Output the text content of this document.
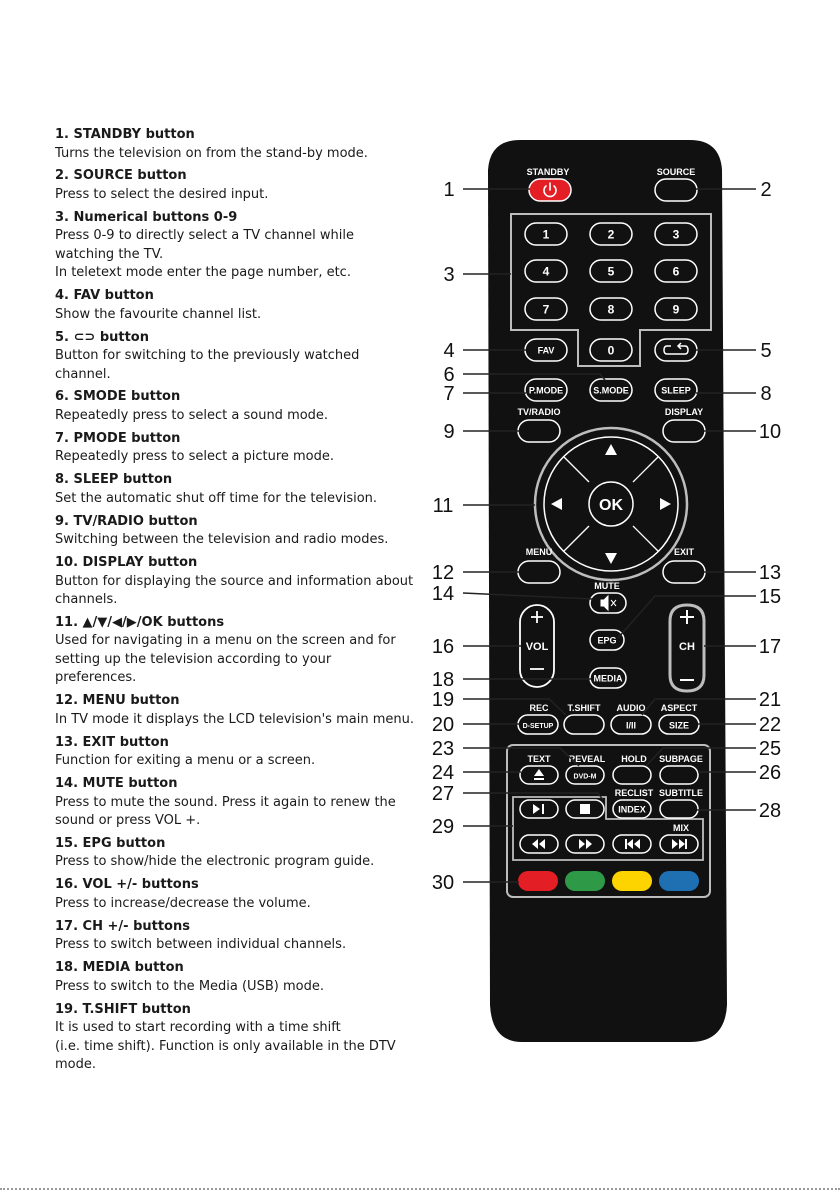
1. STANDBY button
Turns the television on from the stand-by mode.
2. SOURCE button
Press to select the desired input.
3. Numerical buttons 0-9
Press 0-9 to directly select a TV channel while watching the TV.
In teletext mode enter the page number, etc.
4. FAV button
Show the favourite channel list.
5. ⊂⊃ button
Button for switching to the previously watched channel.
6. SMODE button
Repeatedly press to select a sound mode.
7. PMODE button
Repeatedly press to select a picture mode.
8. SLEEP button
Set the automatic shut off time for the television.
9. TV/RADIO button
Switching between the television and radio modes.
10. DISPLAY button
Button for displaying the source and information about channels.
11. ▲/▼/◀/▶/OK buttons
Used for navigating in a menu on the screen and for setting up the television according to your preferences.
12. MENU button
In TV mode it displays the LCD television's main menu.
13. EXIT button
Function for exiting a menu or a screen.
14. MUTE button
Press to mute the sound. Press it again to renew the sound or press VOL +.
15. EPG button
Press to show/hide the electronic program guide.
16. VOL +/- buttons
Press to increase/decrease the volume.
17. CH +/- buttons
Press to switch between individual channels.
18. MEDIA button
Press to switch to the Media (USB) mode.
19. T.SHIFT button
It is used to start recording with a time shift
(i.e. time shift). Function is only available in the DTV mode.
STANDBY	SOURCE
1	2	3
4	5	6
7	8	9
0
FAV
P.MODE	S.MODE	SLEEP
TV/RADIO	DISPLAY
OK
MENU	EXIT
MUTE
VOL
EPG
CH
MEDIA
REC T.SHIFT AUDIO ASPECT
D-SETUP	I/II	SIZE
TEXT REVEAL HOLD SUBPAGE
DVD-M
RECLIST SUBTITLE
INDEX
MIX
1	2
3
4	5
6
7	8
9	10
11
12	13
14	15
16	17
18
19
20
21
22
23
24
25
26
27
28
29
30
